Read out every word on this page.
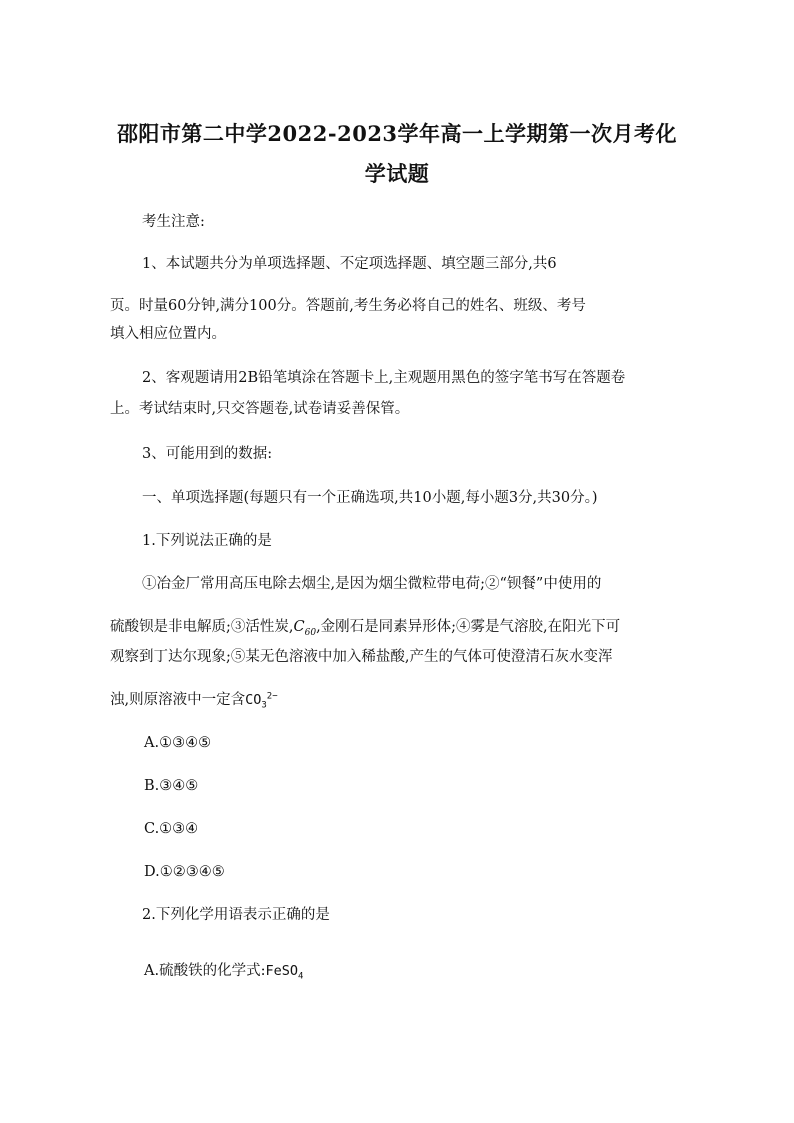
邵阳市第二中学2022-2023学年高一上学期第一次月考化
学试题
考生注意:
1、本试题共分为单项选择题、不定项选择题、填空题三部分,共6
页。时量60分钟,满分100分。答题前,考生务必将自己的姓名、班级、考号
填入相应位置内。
2、客观题请用2B铅笔填涂在答题卡上,主观题用黑色的签字笔书写在答题卷
上。考试结束时,只交答题卷,试卷请妥善保管。
3、可能用到的数据:
一、单项选择题(每题只有一个正确选项,共10小题,每小题3分,共30分。)
1.下列说法正确的是
①冶金厂常用高压电除去烟尘,是因为烟尘微粒带电荷;②“钡餐”中使用的
硫酸钡是非电解质;③活性炭$,C_{60}$,金刚石是同素异形体;④雾是气溶胶,在阳光下可
观察到丁达尔现象;⑤某无色溶液中加入稀盐酸,产生的气体可使澄清石灰水变浑
浊,则原溶液中一定含$CO_3^{2-}$
A.①③④⑤
B.③④⑤
C.①③④
D.①②③④⑤
2.下列化学用语表示正确的是
A.硫酸铁的化学式:FeSO$_4$
